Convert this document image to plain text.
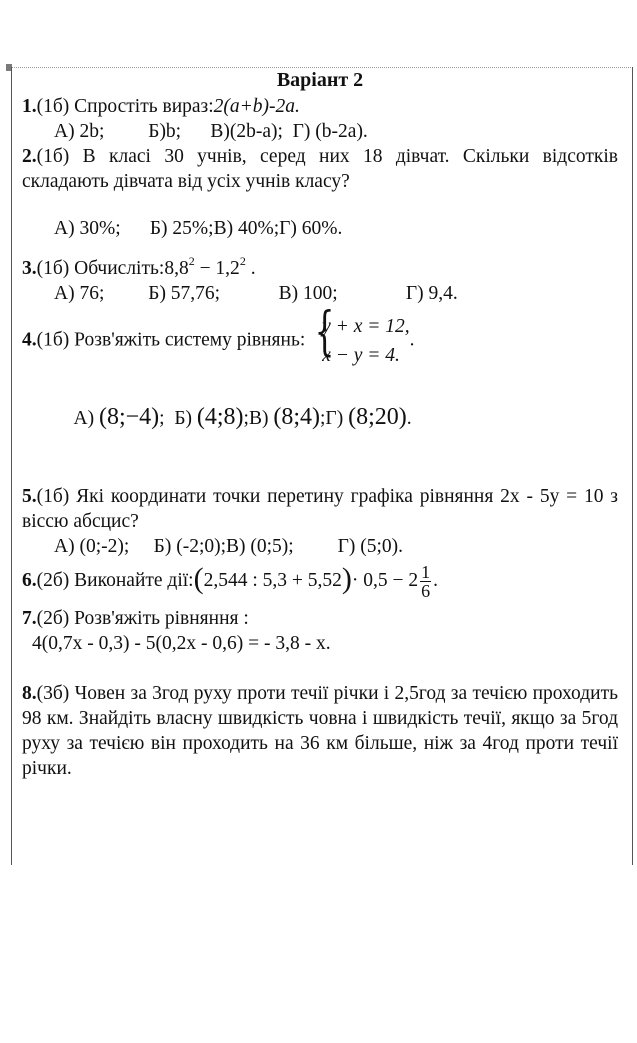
Варіант 2
1.(1б) Спростіть вираз:2(a+b)-2a.
А) 2b;         Б)b;      В)(2b-a);  Г) (b-2a).
2.(1б) В класі 30 учнів, серед них 18 дівчат. Скільки відсотків складають дівчата від усіх учнів класу?
А) 30%;      Б) 25%;В) 40%;Г) 60%.
3.(1б) $Обчисліть:8,8^2 - 1,2^2$ .
А) 76;         Б) 57,76;            В) 100;              Г) 9,4.
4.(1б) Розв'яжіть систему рівнянь: {
y + x = 12,
x − y = 4.
.

А) (8;−4); Б) (4;8);В) (8;4);Г) (8;20).

5.(1б) Які координати точки перетину графіка рівняння 2x - 5y = 10 з віссю абсцис?
А) (0;-2);     Б) (-2;0);В) (0;5);         Г) (5;0).
6.(2б) Виконайте дії:(2,544 : $5,3 + 5,52)\cdot 0,5 - 2 \frac{1}{6}$ .
7.(2б) Розв'яжіть рівняння :
4(0,7x - 0,3) - 5(0,2x - 0,6) = - 3,8 - x.
8.(3б) Човен за 3год руху проти течії річки і 2,5год за течією проходить 98 км. Знайдіть власну швидкість човна і швидкість течії, якщо за 5год руху за течією він проходить на 36 км більше, ніж за 4год проти течії річки.
